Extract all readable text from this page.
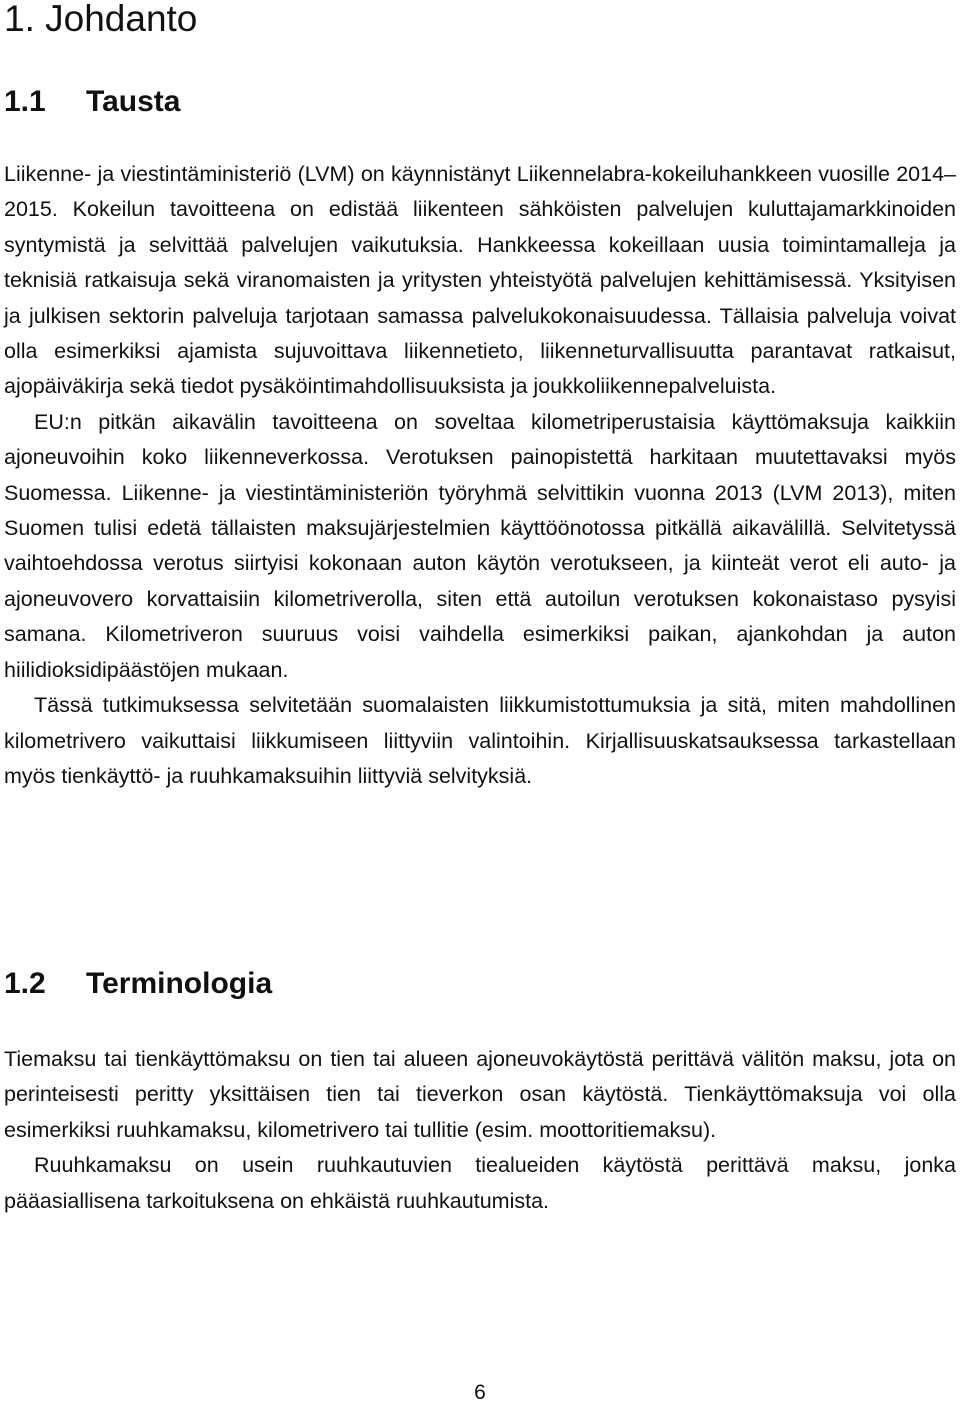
1. Johdanto
1.1 Tausta

Liikenne- ja viestintäministeriö (LVM) on käynnistänyt Liikennelabra-kokeiluhankkeen vuosille 2014–2015. Kokeilun tavoitteena on edistää liikenteen sähköisten palvelujen kuluttajamarkkinoiden syntymistä ja selvittää palvelujen vaikutuksia. Hankkeessa kokeillaan uusia toimintamalleja ja teknisiä ratkaisuja sekä viranomaisten ja yritysten yhteistyötä palvelujen kehittämisessä. Yksityisen ja julkisen sektorin palveluja tarjotaan samassa palvelukokonaisuudessa. Tällaisia palveluja voivat olla esimerkiksi ajamista sujuvoittava liikennetieto, liikenneturvallisuutta parantavat ratkaisut, ajopäiväkirja sekä tiedot pysäköintimahdollisuuksista ja joukkoliikennepalveluista.

EU:n pitkän aikavälin tavoitteena on soveltaa kilometriperustaisia käyttömaksuja kaikkiin ajoneuvoihin koko liikenneverkossa. Verotuksen painopistettä harkitaan muutettavaksi myös Suomessa. Liikenne- ja viestintäministeriön työryhmä selvittikin vuonna 2013 (LVM 2013), miten Suomen tulisi edetä tällaisten maksujärjestelmien käyttöönotossa pitkällä aikavälillä. Selvitetyssä vaihtoehdossa verotus siirtyisi kokonaan auton käytön verotukseen, ja kiinteät verot eli auto- ja ajoneuvovero korvattaisiin kilometriverolla, siten että autoilun verotuksen kokonaistaso pysyisi samana. Kilometriveron suuruus voisi vaihdella esimerkiksi paikan, ajankohdan ja auton hiilidioksidipäästöjen mukaan.

Tässä tutkimuksessa selvitetään suomalaisten liikkumistottumuksia ja sitä, miten mahdollinen kilometrivero vaikuttaisi liikkumiseen liittyviin valintoihin. Kirjallisuuskatsauksessa tarkastellaan myös tienkäyttö- ja ruuhkamaksuihin liittyviä selvityksiä.

1.2 Terminologia

Tiemaksu tai tienkäyttömaksu on tien tai alueen ajoneuvokäytöstä perittävä välitön maksu, jota on perinteisesti peritty yksittäisen tien tai tieverkon osan käytöstä. Tienkäyttömaksuja voi olla esimerkiksi ruuhkamaksu, kilometrivero tai tullitie (esim. moottoritiemaksu).

Ruuhkamaksu on usein ruuhkautuvien tiealueiden käytöstä perittävä maksu, jonka pääasiallisena tarkoituksena on ehkäistä ruuhkautumista.

6
